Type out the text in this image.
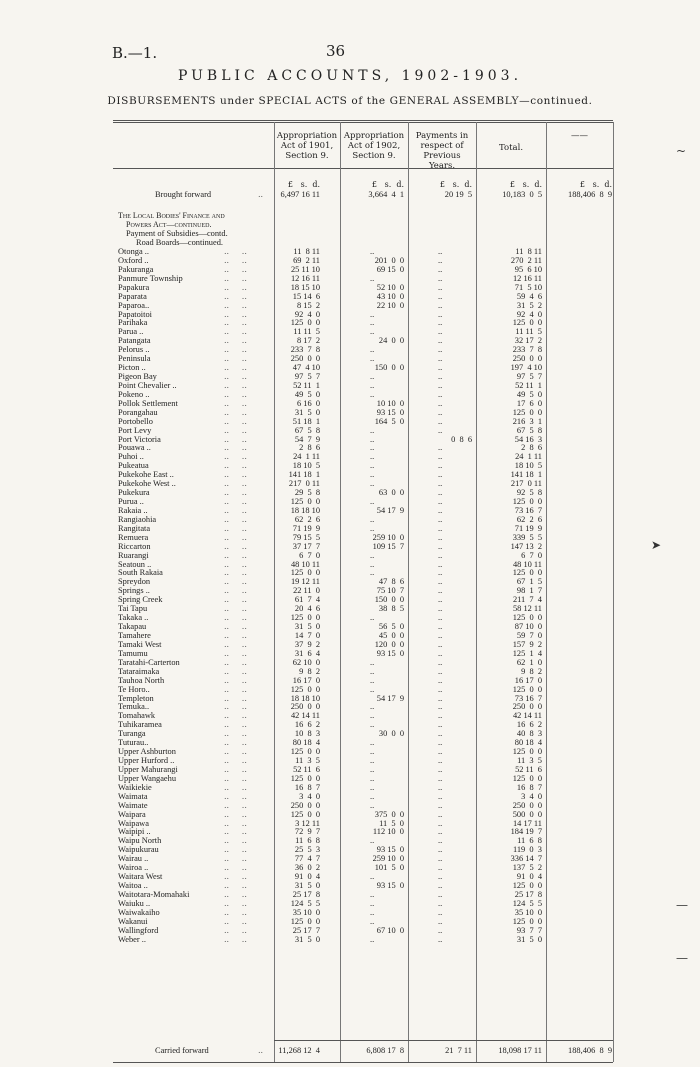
B.—1.	36
PUBLIC ACCOUNTS, 1902-1903.
DISBURSEMENTS under SPECIAL ACTS of the GENERAL ASSEMBLY—continued.
Appropriation
Act of 1901,
Section 9.
£   s.  d.
Appropriation
Act of 1902,
Section 9.
£   s.  d.
Payments in
respect of
Previous Years.
£   s.  d.
Total.
£   s.  d.
——
£   s.  d.
Brought forward	..	6,497 16 11	3,664  4  1	20 19  5	10,183  0  5	188,406  8  9
The Local Bodies' Finance and
Powers Act—continued.
Payment of Subsidies—contd.
Road Boards—continued.
Otonga ..	..     ..	11  8 11	..	..	11  8 11
Oxford ..	..     ..	69  2 11	201  0  0	..	270  2 11
Pakuranga	..     ..	25 11 10	69 15  0	..	95  6 10
Panmure Township	..     ..	12 16 11	..	..	12 16 11
Papakura	..     ..	18 15 10	52 10  0	..	71  5 10
Paparata	..     ..	15 14  6	43 10  0	..	59  4  6
Paparoa..	..     ..	8 15  2	22 10  0	..	31  5  2
Papatoitoi	..     ..	92  4  0	..	..	92  4  0
Parihaka	..     ..	125  0  0	..	..	125  0  0
Parua ..	..     ..	11 11  5	..	..	11 11  5
Patangata	..     ..	8 17  2	24  0  0	..	32 17  2
Pelorus ..	..     ..	233  7  8	..	..	233  7  8
Peninsula	..     ..	250  0  0	..	..	250  0  0
Picton ..	..     ..	47  4 10	150  0  0	..	197  4 10
Pigeon Bay	..     ..	97  5  7	..	..	97  5  7
Point Chevalier ..	..     ..	52 11  1	..	..	52 11  1
Pokeno ..	..     ..	49  5  0	..	..	49  5  0
Pollok Settlement	..     ..	6 16  0	10 10  0	..	17  6  0
Porangahau	..     ..	31  5  0	93 15  0	..	125  0  0
Portobello	..     ..	51 18  1	164  5  0	..	216  3  1
Port Levy	..     ..	67  5  8	..	..	67  5  8
Port Victoria	..     ..	54  7  9	..	0  8  6	54 16  3
Pouawa ..	..     ..	2  8  6	..	..	2  8  6
Puhoi ..	..     ..	24  1 11	..	..	24  1 11
Pukeatua	..     ..	18 10  5	..	..	18 10  5
Pukekohe East ..	..     ..	141 18  1	..	..	141 18  1
Pukekohe West ..	..     ..	217  0 11	..	..	217  0 11
Pukekura	..     ..	29  5  8	63  0  0	..	92  5  8
Purua ..	..     ..	125  0  0	..	..	125  0  0
Rakaia ..	..     ..	18 18 10	54 17  9	..	73 16  7
Rangiaohia	..     ..	62  2  6	..	..	62  2  6
Rangitata	..     ..	71 19  9	..	..	71 19  9
Remuera	..     ..	79 15  5	259 10  0	..	339  5  5
Riccarton	..     ..	37 17  7	109 15  7	..	147 13  2
Ruarangi	..     ..	6  7  0	..	..	6  7  0
Seatoun ..	..     ..	48 10 11	..	..	48 10 11
South Rakaia	..     ..	125  0  0	..	..	125  0  0
Spreydon	..     ..	19 12 11	47  8  6	..	67  1  5
Springs ..	..     ..	22 11  0	75 10  7	..	98  1  7
Spring Creek	..     ..	61  7  4	150  0  0	..	211  7  4
Tai Tapu	..     ..	20  4  6	38  8  5	..	58 12 11
Takaka ..	..     ..	125  0  0	..	..	125  0  0
Takapau	..     ..	31  5  0	56  5  0	..	87 10  0
Tamahere	..     ..	14  7  0	45  0  0	..	59  7  0
Tamaki West	..     ..	37  9  2	120  0  0	..	157  9  2
Tamumu	..     ..	31  6  4	93 15  0	..	125  1  4
Taratahi-Carterton	..     ..	62 10  0	..	..	62  1  0
Tataraimaka	..     ..	9  8  2	..	..	9  8  2
Tauhoa North	..     ..	16 17  0	..	..	16 17  0
Te Horo..	..     ..	125  0  0	..	..	125  0  0
Templeton	..     ..	18 18 10	54 17  9	..	73 16  7
Temuka..	..     ..	250  0  0	..	..	250  0  0
Tomahawk	..     ..	42 14 11	..	..	42 14 11
Tuhikaramea	..     ..	16  6  2	..	..	16  6  2
Turanga	..     ..	10  8  3	30  0  0	..	40  8  3
Tuturau..	..     ..	80 18  4	..	..	80 18  4
Upper Ashburton	..     ..	125  0  0	..	..	125  0  0
Upper Hurford ..	..     ..	11  3  5	..	..	11  3  5
Upper Mahurangi	..     ..	52 11  6	..	..	52 11  6
Upper Wangaehu	..     ..	125  0  0	..	..	125  0  0
Waikiekie	..     ..	16  8  7	..	..	16  8  7
Waimata	..     ..	3  4  0	..	..	3  4  0
Waimate	..     ..	250  0  0	..	..	250  0  0
Waipara	..     ..	125  0  0	375  0  0	..	500  0  0
Waipawa	..     ..	3 12 11	11  5  0	..	14 17 11
Waipipi ..	..     ..	72  9  7	112 10  0	..	184 19  7
Waipu North	..     ..	11  6  8	..	..	11  6  8
Waipukurau	..     ..	25  5  3	93 15  0	..	119  0  3
Wairau ..	..     ..	77  4  7	259 10  0	..	336 14  7
Wairoa ..	..     ..	36  0  2	101  5  0	..	137  5  2
Waitara West	..     ..	91  0  4	..	..	91  0  4
Waitoa ..	..     ..	31  5  0	93 15  0	..	125  0  0
Waitotara-Momahaki	..     ..	25 17  8	..	..	25 17  8
Waiuku ..	..     ..	124  5  5	..	..	124  5  5
Waiwakaiho	..     ..	35 10  0	..	..	35 10  0
Wakanui	..     ..	125  0  0	..	..	125  0  0
Wallingford	..     ..	25 17  7	67 10  0	..	93  7  7
Weber ..	..     ..	31  5  0	..	..	31  5  0
Carried forward	..	11,268 12  4	6,808 17  8	21  7 11	18,098 17 11	188,406  8  9
~
➤
—
—
